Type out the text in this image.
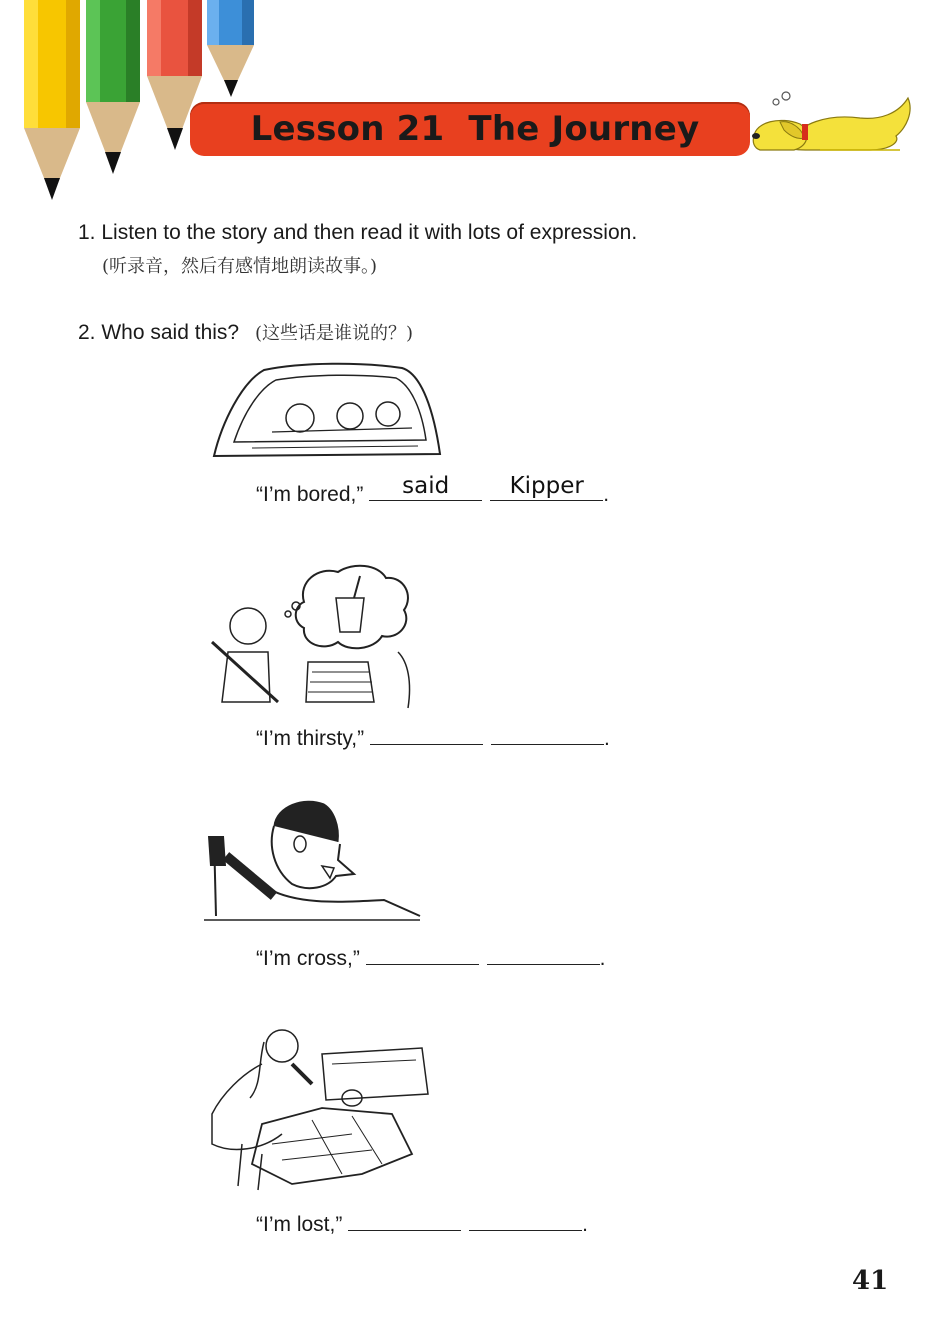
Lesson 21  The Journey
1. Listen to the story and then read it with lots of expression.
(听录音，然后有感情地朗读故事。)
2. Who said this? (这些话是谁说的？)
“I’m bored,”	said	Kipper .
“I’m thirsty,”	.
“I’m cross,”	.
“I’m lost,”	.
41
